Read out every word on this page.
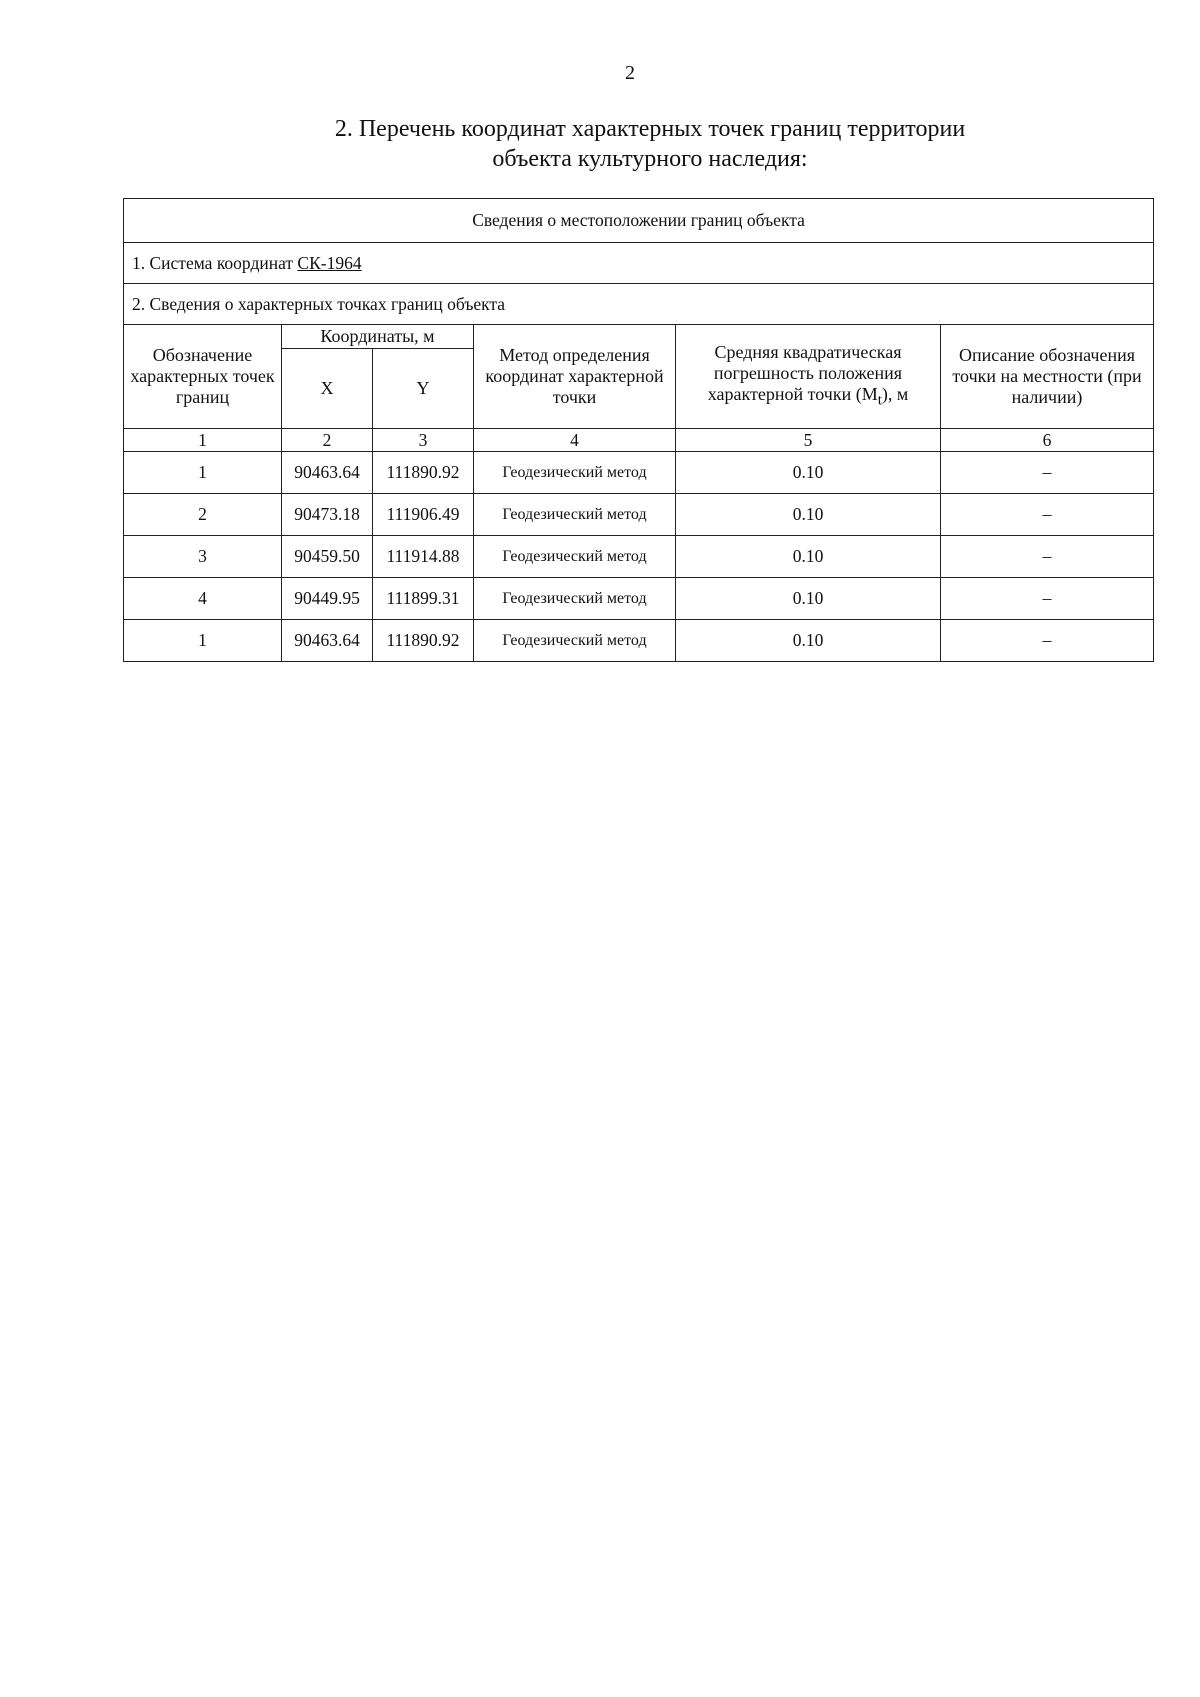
2
2. Перечень координат характерных точек границ территории
объекта культурного наследия:
Сведения о местоположении границ объекта					
1. Система координат СК-1964					
2. Сведения о характерных точках границ объекта					
Обозначение характерных точек границ	Координаты, м		Метод определения координат характерной точки	Средняя квадратическая погрешность положения характерной точки $(M_t)$, м	Описание обозначения точки на местности (при наличии)
	X	Y			
1	2	3	4	5	6
1	90463.64	111890.92	Геодезический метод	0.10	–
2	90473.18	111906.49	Геодезический метод	0.10	–
3	90459.50	111914.88	Геодезический метод	0.10	–
4	90449.95	111899.31	Геодезический метод	0.10	–
1	90463.64	111890.92	Геодезический метод	0.10	–
